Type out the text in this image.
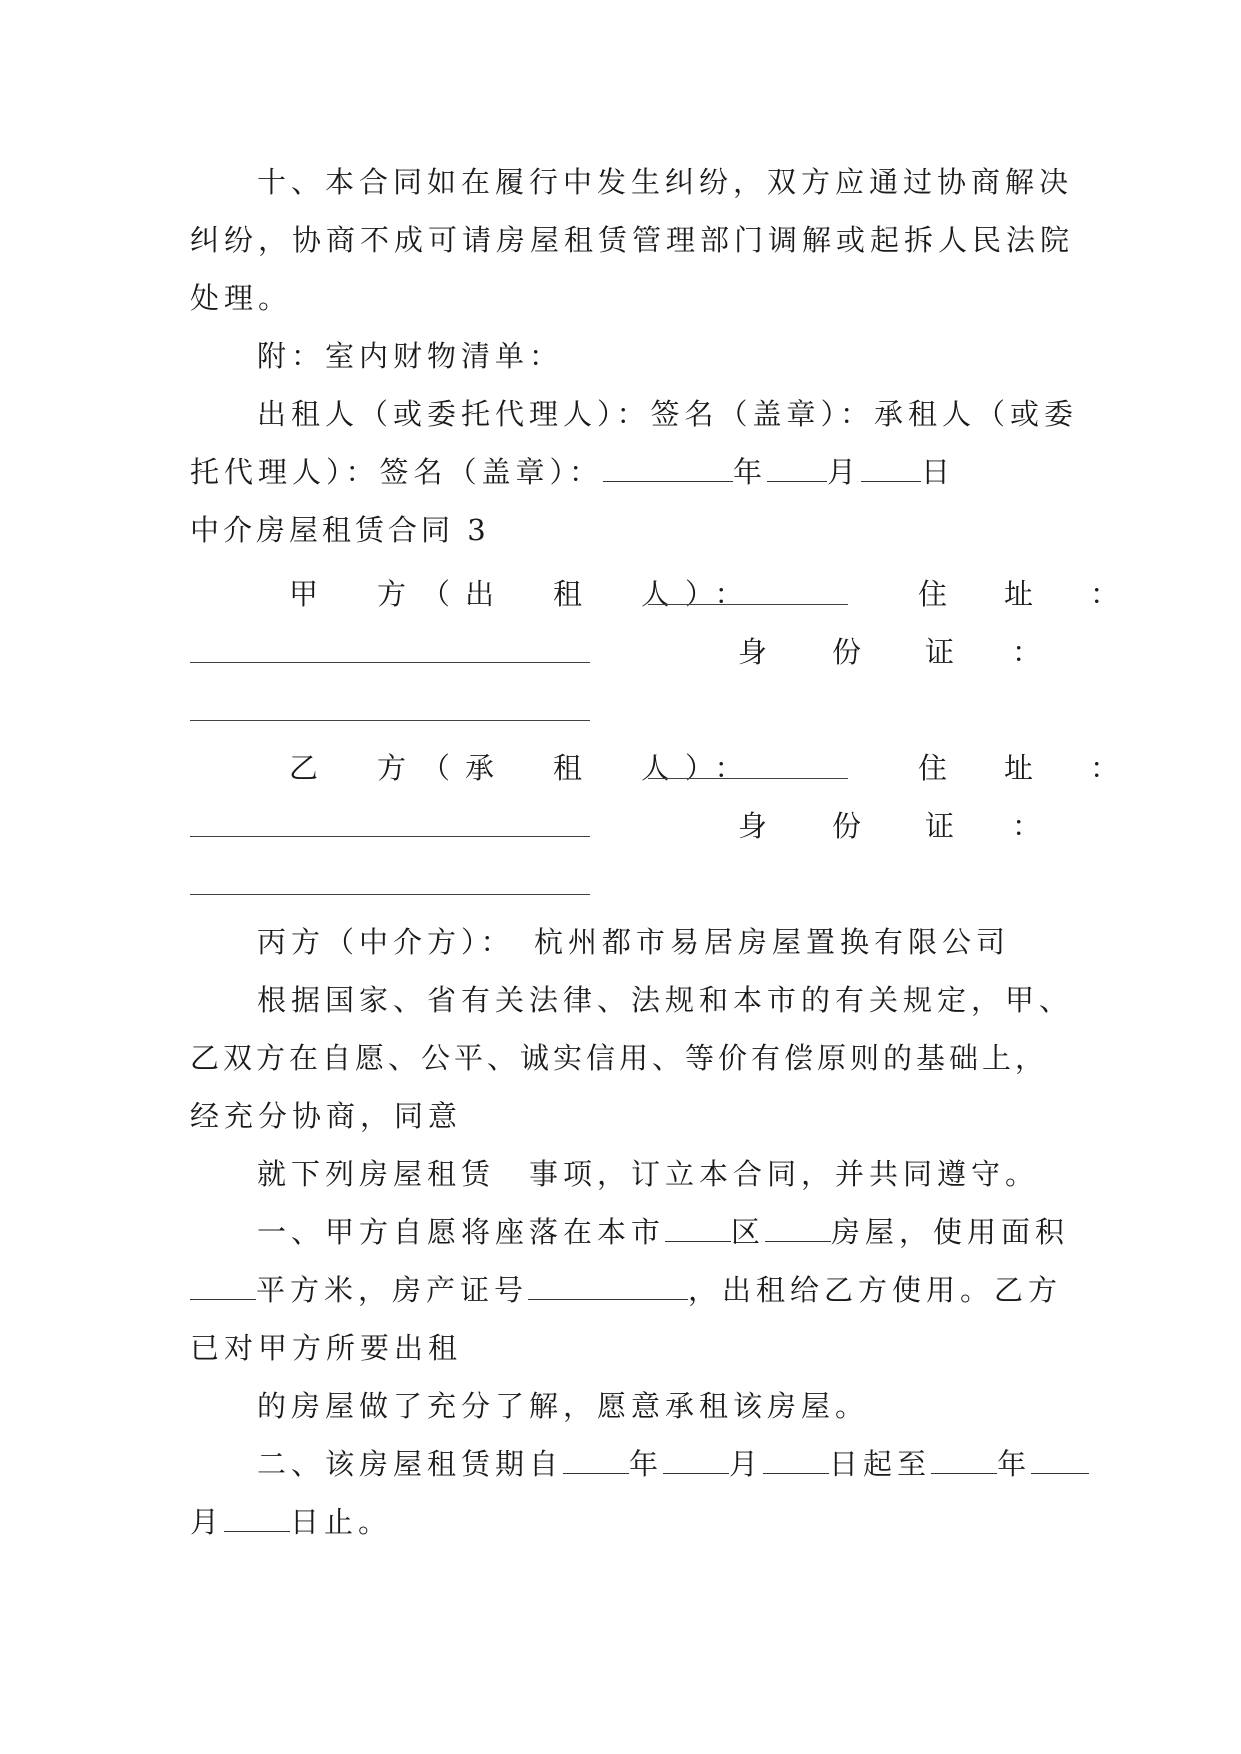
十、本合同如在履行中发生纠纷，双方应通过协商解决
纠纷，协商不成可请房屋租赁管理部门调解或起拆人民法院
处理。
附：室内财物清单：
出租人（或委托代理人）：签名（盖章）：承租人（或委
托代理人）：签名（盖章）：	年 月 日
中介房屋租赁合同 3
甲　方（出　租　人）：	住　址　：
身 份 证 ：
乙　方（承　租　人）：	住　址　：
身 份 证 ：
丙方（中介方）：　杭州都市易居房屋置换有限公司
根据国家、省有关法律、法规和本市的有关规定，甲、
乙双方在自愿、公平、诚实信用、等价有偿原则的基础上，
经充分协商，同意
就下列房屋租赁　事项，订立本合同，并共同遵守。
一、甲方自愿将座落在本市 区 房屋，使用面积
平方米，房产证号	，出租给乙方使用。乙方
已对甲方所要出租
的房屋做了充分了解，愿意承租该房屋。
二、该房屋租赁期自 年 月 日起至 年
月 日止。
